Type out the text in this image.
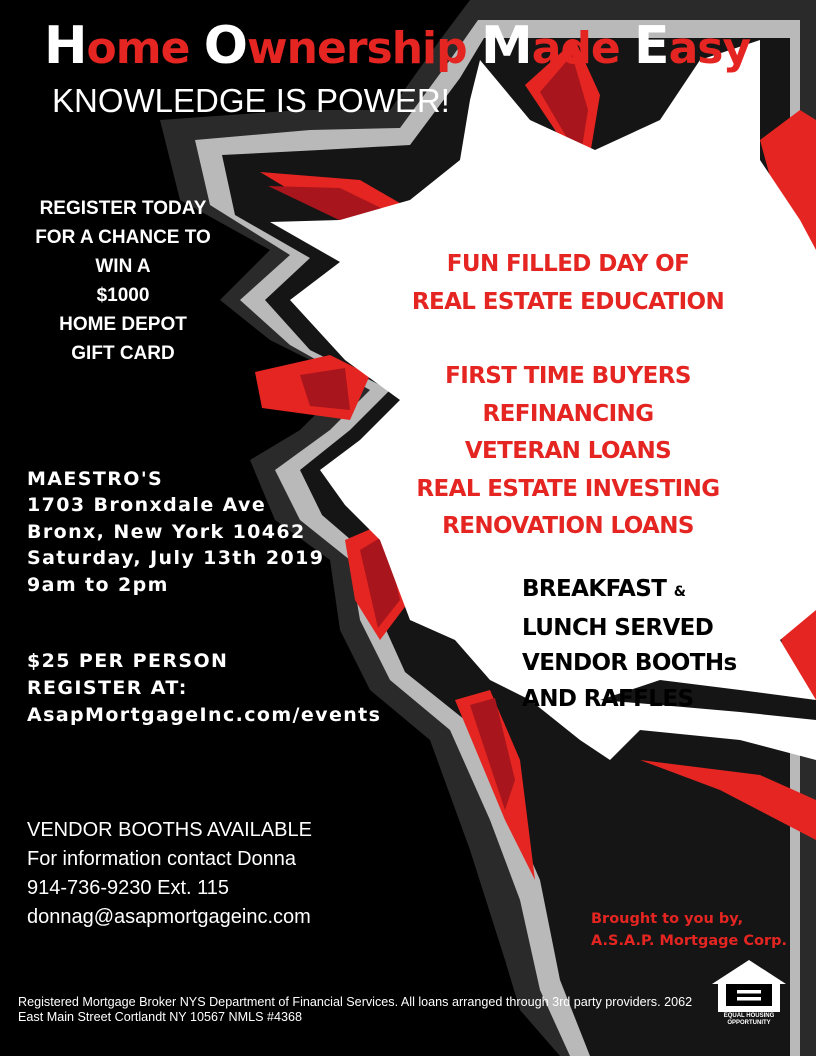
Home Ownership Made Easy
KNOWLEDGE IS POWER!
REGISTER TODAY
FOR A CHANCE TO
WIN A
$1000
HOME DEPOT
GIFT CARD
MAESTRO'S
1703 Bronxdale Ave
Bronx, New York 10462
Saturday, July 13th 2019
9am to 2pm
$25 PER PERSON
REGISTER AT:
AsapMortgageInc.com/events
VENDOR BOOTHS AVAILABLE
For information contact Donna
914-736-9230 Ext. 115
donnag@asapmortgageinc.com
FUN FILLED DAY OF
REAL ESTATE EDUCATION
FIRST TIME BUYERS
REFINANCING
VETERAN LOANS
REAL ESTATE INVESTING
RENOVATION LOANS
BREAKFAST &
LUNCH SERVED
VENDOR BOOTHs
AND RAFFLES
Brought to you by,
A.S.A.P. Mortgage Corp.
Registered Mortgage Broker NYS Department of Financial Services. All loans arranged through 3rd party providers. 2062 East Main Street Cortlandt NY 10567 NMLS #4368	EQUAL HOUSING
OPPORTUNITY
